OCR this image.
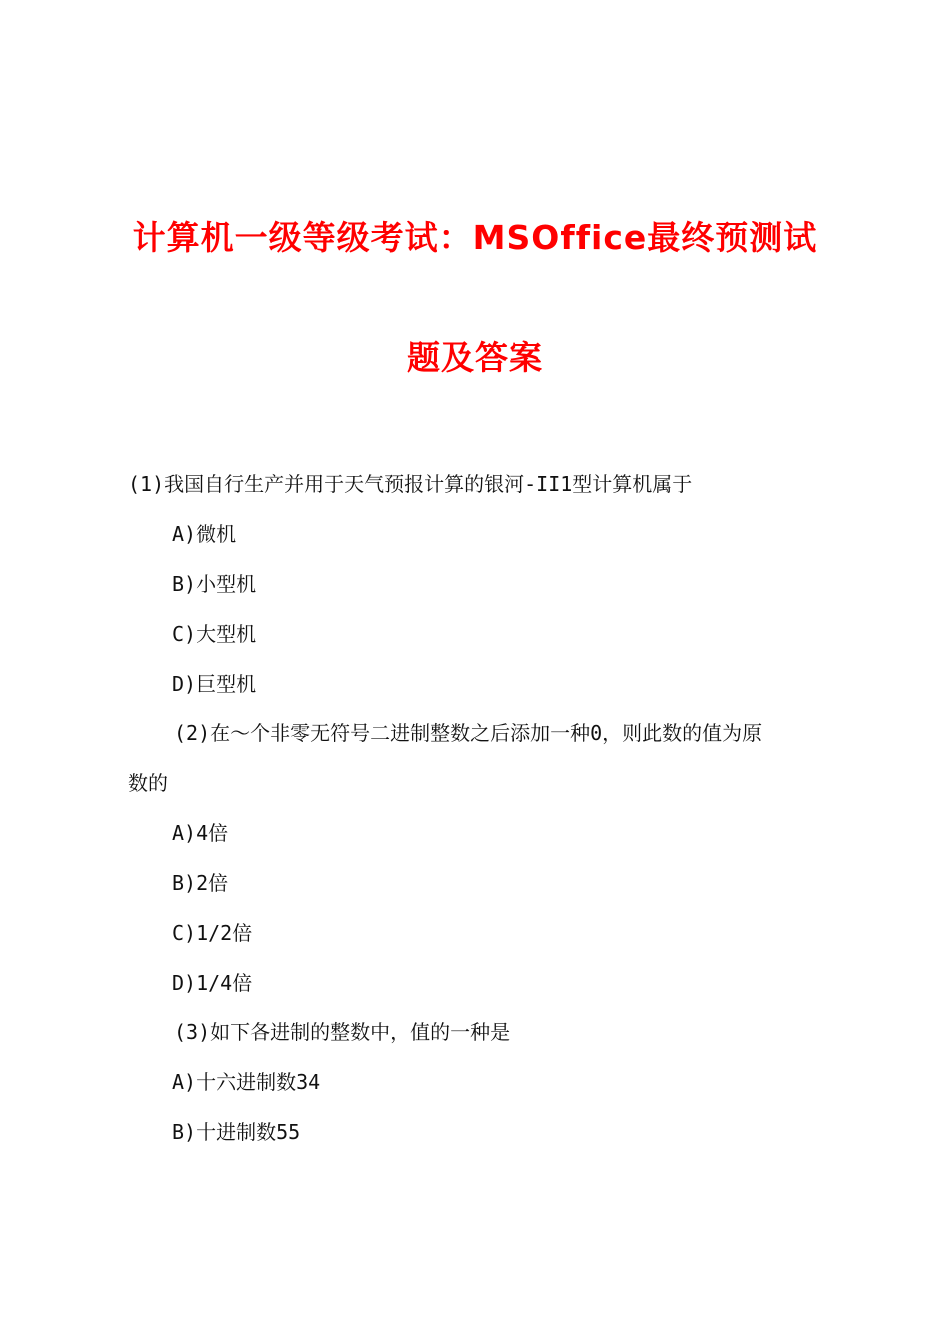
计算机一级等级考试：MSOffice最终预测试
题及答案
(1)我国自行生产并用于天气预报计算的银河-II1型计算机属于
A)微机
B)小型机
C)大型机
D)巨型机
(2)在～个非零无符号二进制整数之后添加一种0，则此数的值为原
数的
A)4倍
B)2倍
C)1/2倍
D)1/4倍
(3)如下各进制的整数中，值的一种是
A)十六进制数34
B)十进制数55
